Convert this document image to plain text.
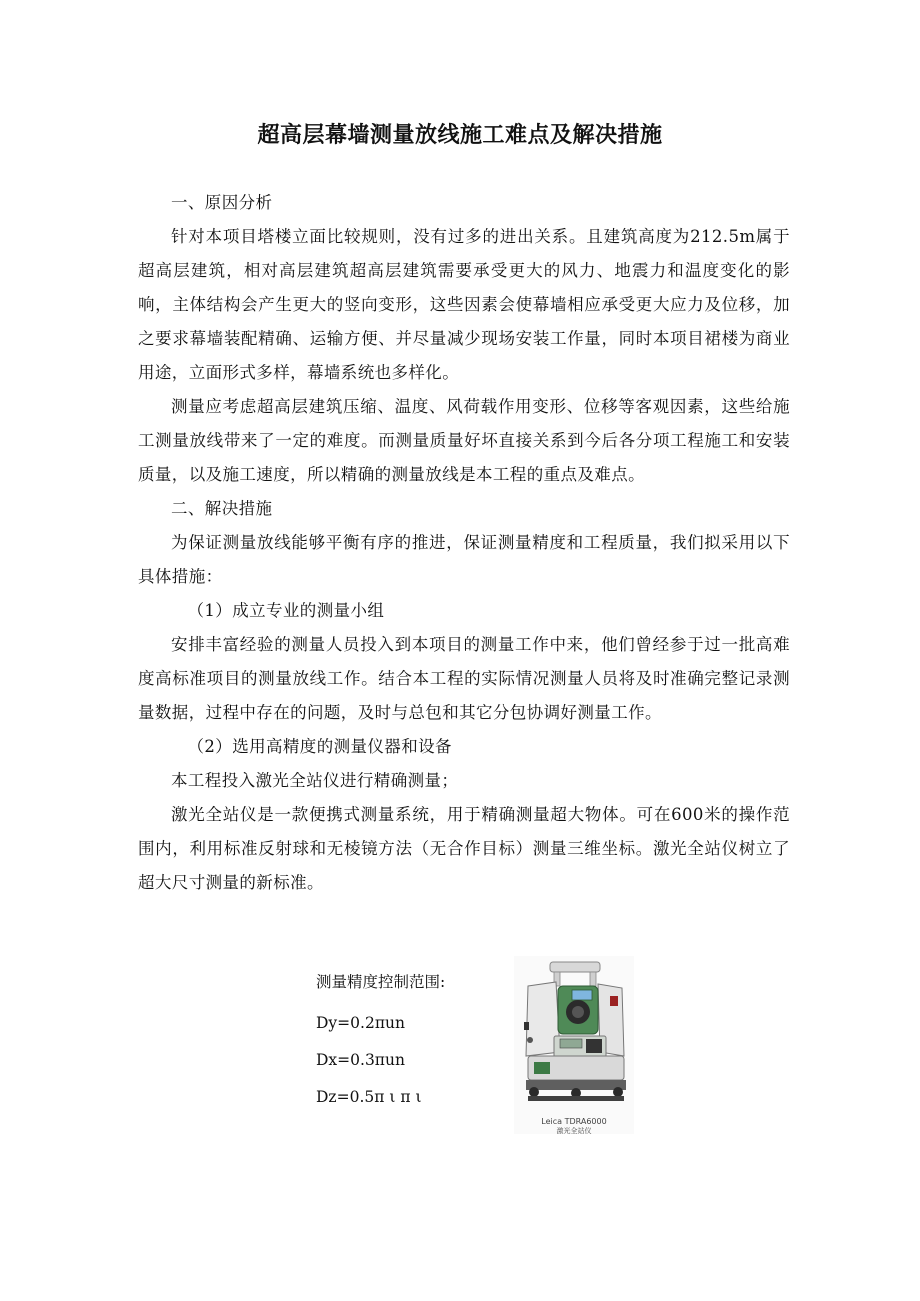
超高层幕墙测量放线施工难点及解决措施

一、原因分析

针对本项目塔楼立面比较规则，没有过多的进出关系。且建筑高度为212.5m属于超高层建筑，相对高层建筑超高层建筑需要承受更大的风力、地震力和温度变化的影响，主体结构会产生更大的竖向变形，这些因素会使幕墙相应承受更大应力及位移，加之要求幕墙装配精确、运输方便、并尽量减少现场安装工作量，同时本项目裙楼为商业用途，立面形式多样，幕墙系统也多样化。

测量应考虑超高层建筑压缩、温度、风荷载作用变形、位移等客观因素，这些给施工测量放线带来了一定的难度。而测量质量好坏直接关系到今后各分项工程施工和安装质量，以及施工速度，所以精确的测量放线是本工程的重点及难点。

二、解决措施

为保证测量放线能够平衡有序的推进，保证测量精度和工程质量，我们拟采用以下具体措施：

（1）成立专业的测量小组

安排丰富经验的测量人员投入到本项目的测量工作中来，他们曾经参于过一批高难度高标准项目的测量放线工作。结合本工程的实际情况测量人员将及时准确完整记录测量数据，过程中存在的问题，及时与总包和其它分包协调好测量工作。

（2）选用高精度的测量仪器和设备

本工程投入激光全站仪进行精确测量；

激光全站仪是一款便携式测量系统，用于精确测量超大物体。可在600米的操作范围内，利用标准反射球和无棱镜方法（无合作目标）测量三维坐标。激光全站仪树立了超大尺寸测量的新标准。

测量精度控制范围:
Dy=0.2πun
Dx=0.3πun
Dz=0.5π ι π ι
Leica TDRA6000
激光全站仪
